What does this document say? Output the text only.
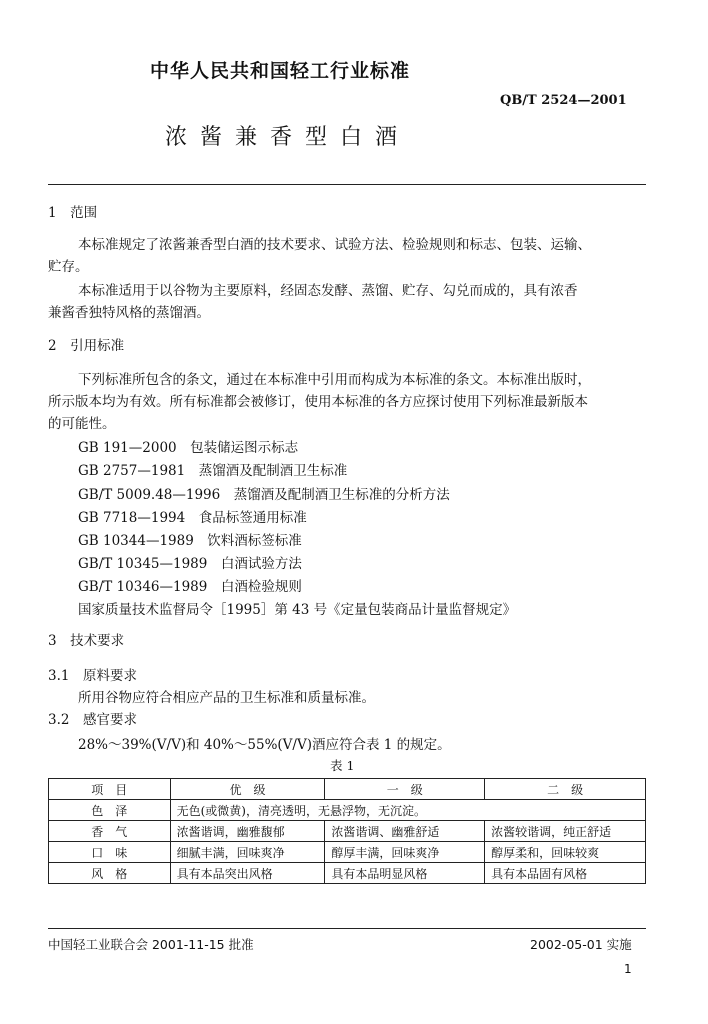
中华人民共和国轻工行业标准
QB/T 2524—2001
浓 酱 兼 香 型 白 酒
1　范围
本标准规定了浓酱兼香型白酒的技术要求、试验方法、检验规则和标志、包装、运输、
贮存。
本标准适用于以谷物为主要原料，经固态发酵、蒸馏、贮存、勾兑而成的，具有浓香
兼酱香独特风格的蒸馏酒。
2　引用标准
下列标准所包含的条文，通过在本标准中引用而构成为本标准的条文。本标准出版时，
所示版本均为有效。所有标准都会被修订，使用本标准的各方应探讨使用下列标准最新版本
的可能性。
GB 191—2000　包装储运图示标志
GB 2757—1981　蒸馏酒及配制酒卫生标准
GB/T 5009.48—1996　蒸馏酒及配制酒卫生标准的分析方法
GB 7718—1994　食品标签通用标准
GB 10344—1989　饮料酒标签标准
GB/T 10345—1989　白酒试验方法
GB/T 10346—1989　白酒检验规则
国家质量技术监督局令［1995］第 43 号《定量包装商品计量监督规定》
3　技术要求
3.1　原料要求
所用谷物应符合相应产品的卫生标准和质量标准。
3.2　感官要求
28%～39%(V/V)和 40%～55%(V/V)酒应符合表 1 的规定。
表 1
项　目	优　级	一　级	二　级
色　泽	无色(或微黄)，清亮透明，无悬浮物，无沉淀。		
香　气	浓酱谐调，幽雅馥郁	浓酱谐调、幽雅舒适	浓酱较谐调，纯正舒适
口　味	细腻丰满，回味爽净	醇厚丰满，回味爽净	醇厚柔和，回味较爽
风　格	具有本品突出风格	具有本品明显风格	具有本品固有风格
中国轻工业联合会 2001-11-15 批准	2002-05-01 实施
1
